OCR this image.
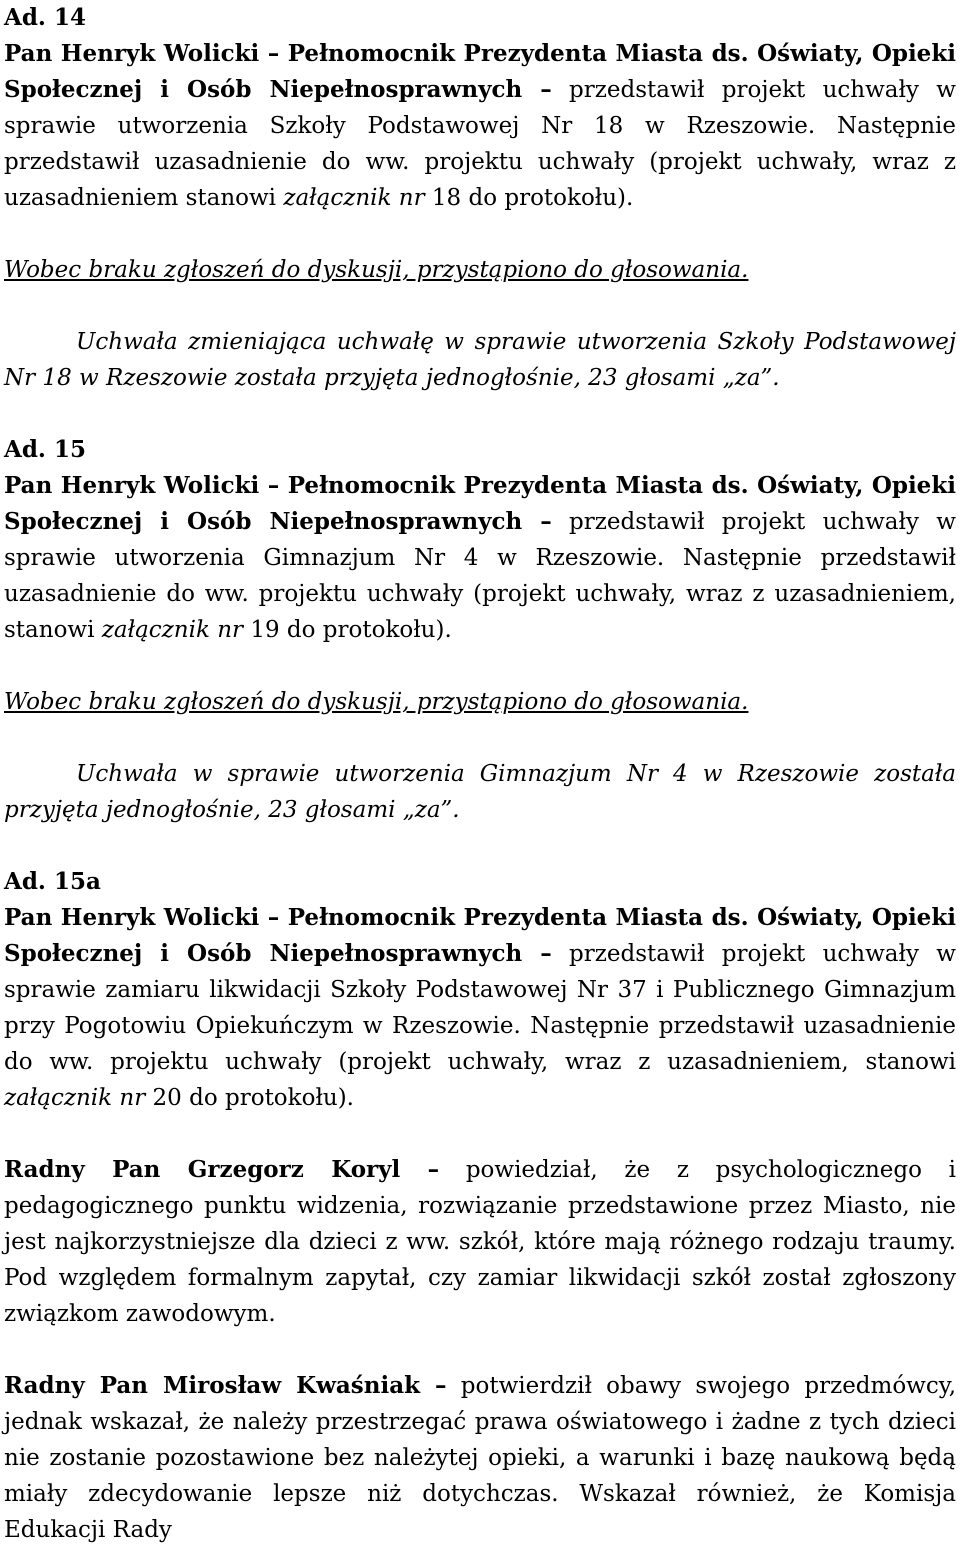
Ad. 14

Pan Henryk Wolicki – Pełnomocnik Prezydenta Miasta ds. Oświaty, Opieki Społecznej i Osób Niepełnosprawnych – przedstawił projekt uchwały w sprawie utworzenia Szkoły Podstawowej Nr 18 w Rzeszowie. Następnie przedstawił uzasadnienie do ww. projektu uchwały (projekt uchwały, wraz z uzasadnieniem stanowi załącznik nr 18 do protokołu).

Wobec braku zgłoszeń do dyskusji, przystąpiono do głosowania.

Uchwała zmieniająca uchwałę w sprawie utworzenia Szkoły Podstawowej Nr 18 w Rzeszowie została przyjęta jednogłośnie, 23 głosami „za”.

Ad. 15

Pan Henryk Wolicki – Pełnomocnik Prezydenta Miasta ds. Oświaty, Opieki Społecznej i Osób Niepełnosprawnych – przedstawił projekt uchwały w sprawie utworzenia Gimnazjum Nr 4 w Rzeszowie. Następnie przedstawił uzasadnienie do ww. projektu uchwały (projekt uchwały, wraz z uzasadnieniem, stanowi załącznik nr 19 do protokołu).

Wobec braku zgłoszeń do dyskusji, przystąpiono do głosowania.

Uchwała w sprawie utworzenia Gimnazjum Nr 4 w Rzeszowie została przyjęta jednogłośnie, 23 głosami „za”.

Ad. 15a

Pan Henryk Wolicki – Pełnomocnik Prezydenta Miasta ds. Oświaty, Opieki Społecznej i Osób Niepełnosprawnych – przedstawił projekt uchwały w sprawie zamiaru likwidacji Szkoły Podstawowej Nr 37 i Publicznego Gimnazjum przy Pogotowiu Opiekuńczym w Rzeszowie. Następnie przedstawił uzasadnienie do ww. projektu uchwały (projekt uchwały, wraz z uzasadnieniem, stanowi załącznik nr 20 do protokołu).

Radny Pan Grzegorz Koryl – powiedział, że z psychologicznego i pedagogicznego punktu widzenia, rozwiązanie przedstawione przez Miasto, nie jest najkorzystniejsze dla dzieci z ww. szkół, które mają różnego rodzaju traumy. Pod względem formalnym zapytał, czy zamiar likwidacji szkół został zgłoszony związkom zawodowym.

Radny Pan Mirosław Kwaśniak – potwierdził obawy swojego przedmówcy, jednak wskazał, że należy przestrzegać prawa oświatowego i żadne z tych dzieci nie zostanie pozostawione bez należytej opieki, a warunki i bazę naukową będą miały zdecydowanie lepsze niż dotychczas. Wskazał również, że Komisja Edukacji Rady
